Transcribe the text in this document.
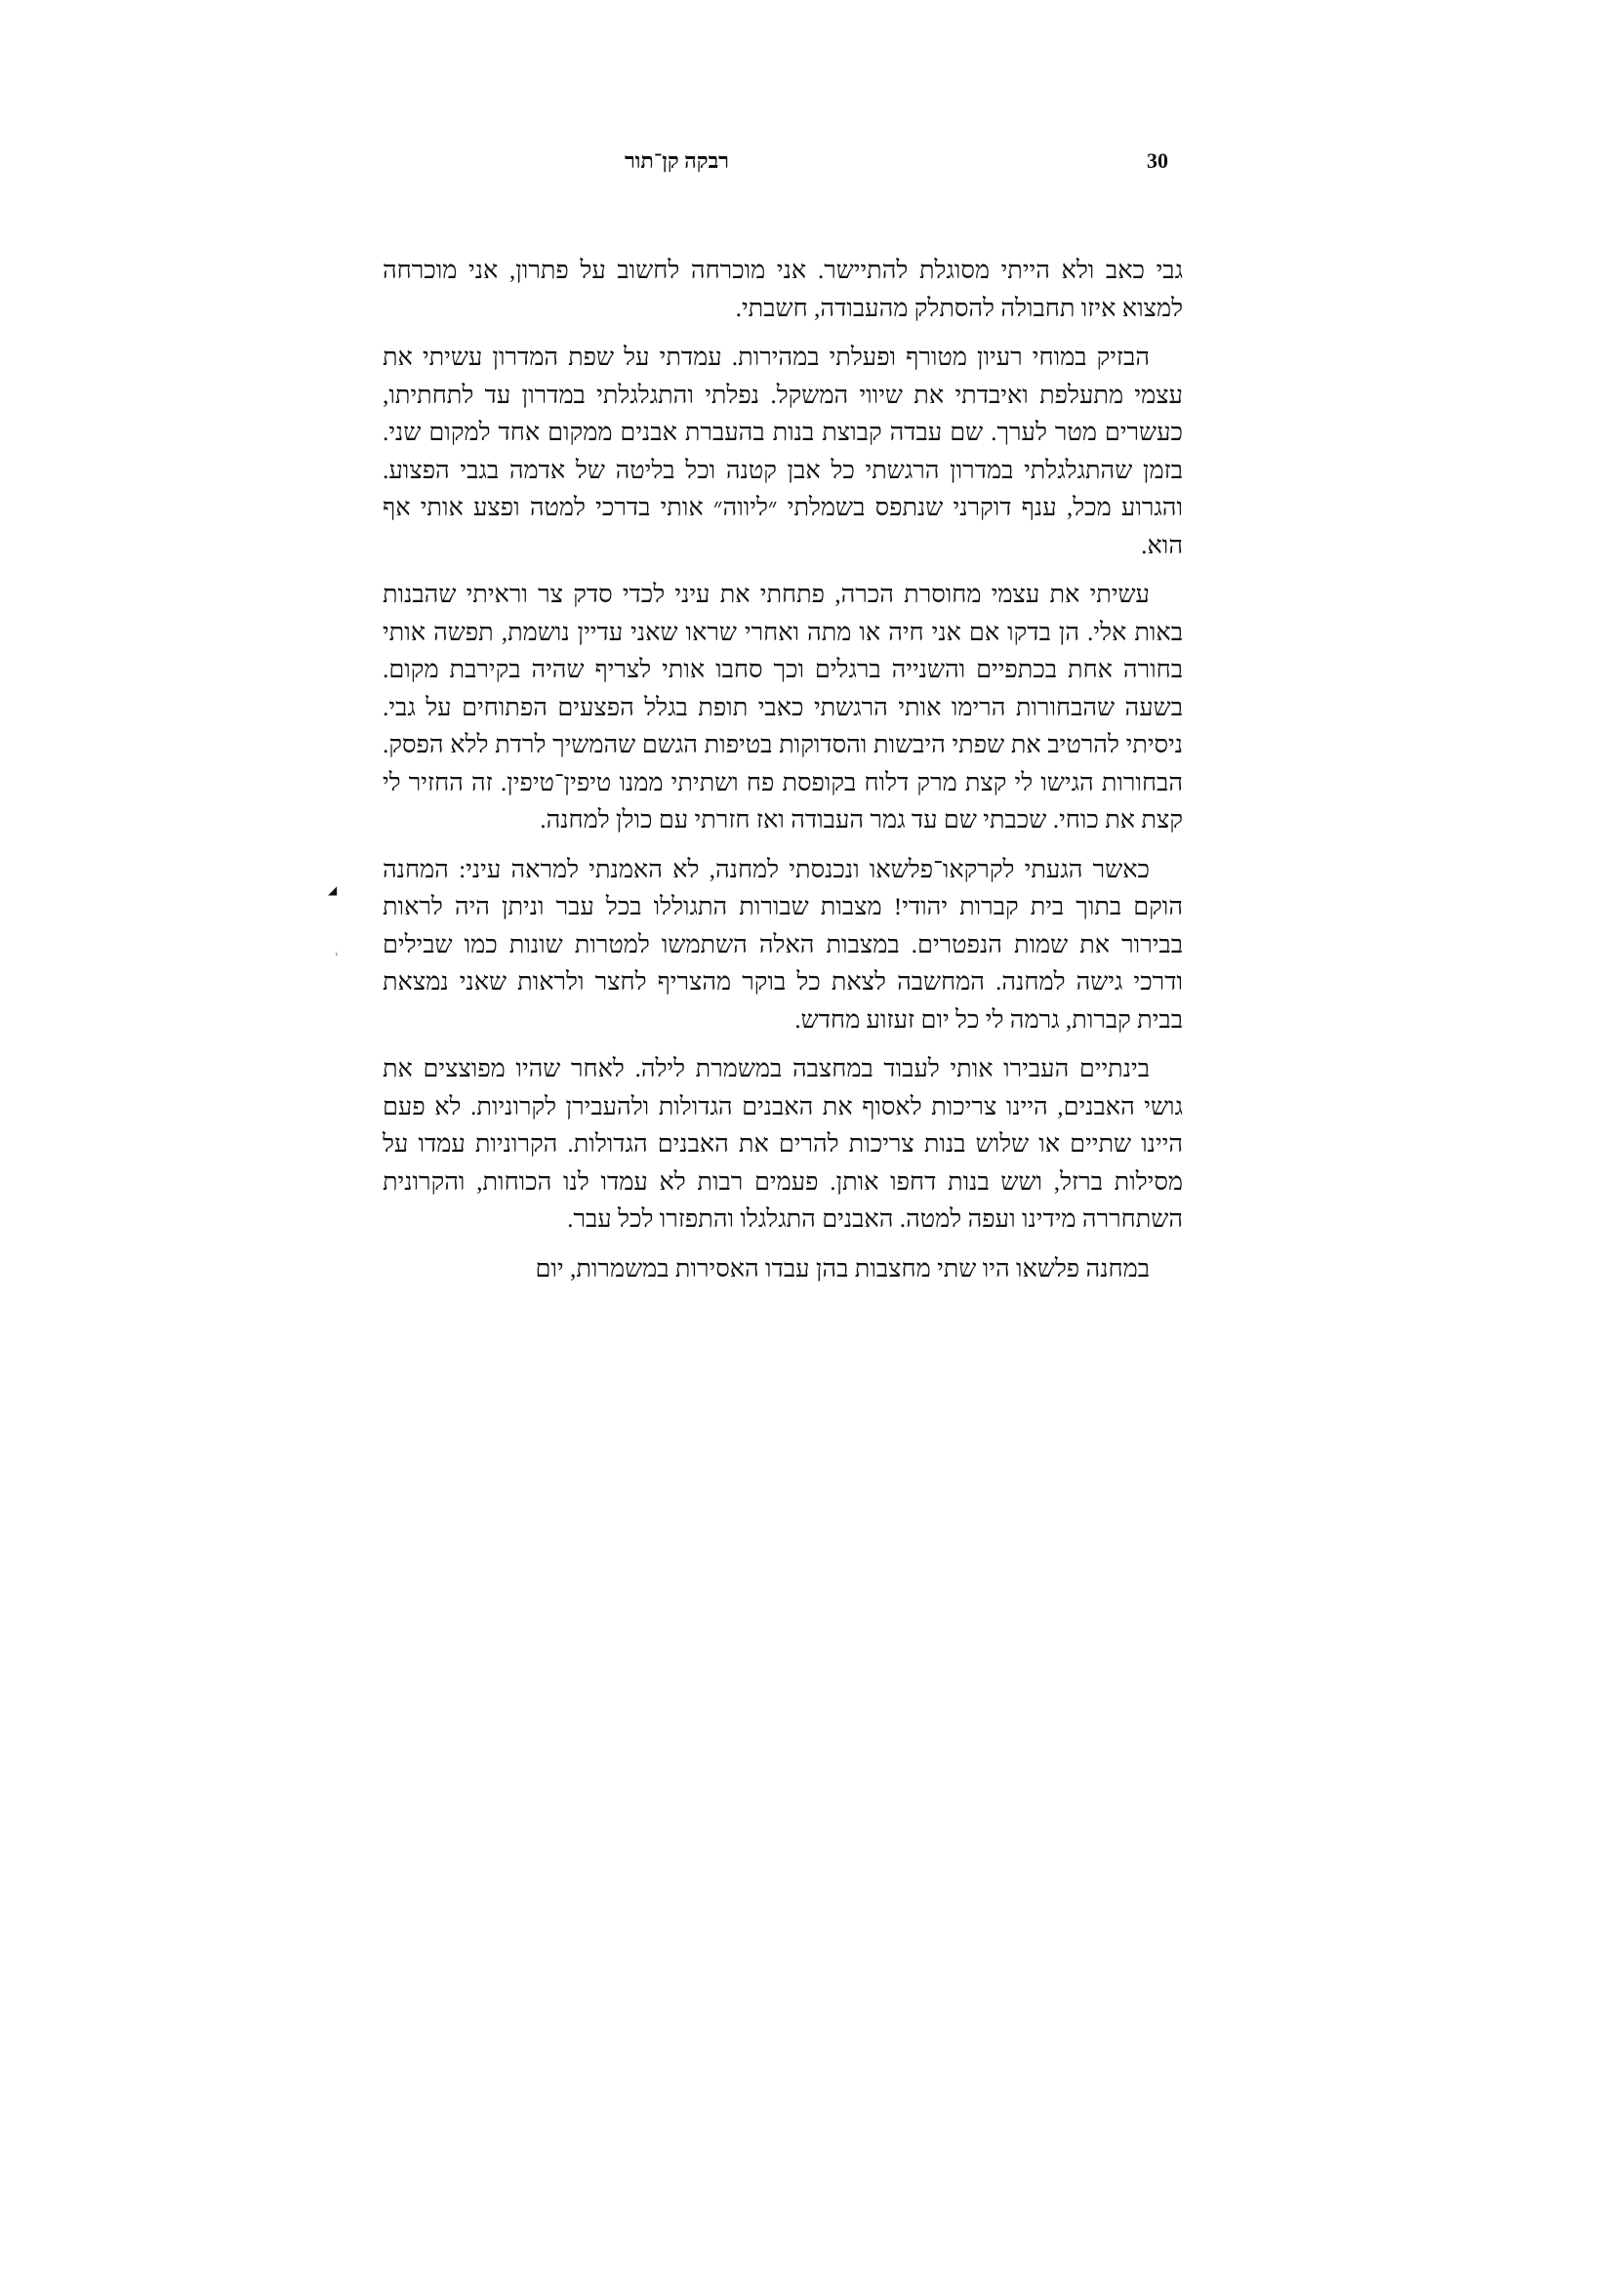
30
רבקה קן־תור

גבי כאב ולא הייתי מסוגלת להתיישר. אני מוכרחה לחשוב על פתרון, אני מוכרחה למצוא איזו תחבולה להסתלק מהעבודה, חשבתי.

הבזיק במוחי רעיון מטורף ופעלתי במהירות. עמדתי על שפת המדרון עשיתי את עצמי מתעלפת ואיבדתי את שיווי המשקל. נפלתי והתגלגלתי במדרון עד לתחתיתו, כעשרים מטר לערך. שם עבדה קבוצת בנות בהעברת אבנים ממקום אחד למקום שני. בזמן שהתגלגלתי במדרון הרגשתי כל אבן קטנה וכל בליטה של אדמה בגבי הפצוע. והגרוע מכל, ענף דוקרני שנתפס בשמלתי ״ליווה״ אותי בדרכי למטה ופצע אותי אף הוא.

עשיתי את עצמי מחוסרת הכרה, פתחתי את עיני לכדי סדק צר וראיתי שהבנות באות אלי. הן בדקו אם אני חיה או מתה ואחרי שראו שאני עדיין נושמת, תפשה אותי בחורה אחת בכתפיים והשנייה ברגלים וכך סחבו אותי לצריף שהיה בקירבת מקום. בשעה שהבחורות הרימו אותי הרגשתי כאבי תופת בגלל הפצעים הפתוחים על גבי. ניסיתי להרטיב את שפתי היבשות והסדוקות בטיפות הגשם שהמשיך לרדת ללא הפסק. הבחורות הגישו לי קצת מרק דלוח בקופסת פח ושתיתי ממנו טיפין־טיפין. זה החזיר לי קצת את כוחי. שכבתי שם עד גמר העבודה ואז חזרתי עם כולן למחנה.

כאשר הגעתי לקרקאו־פלשאו ונכנסתי למחנה, לא האמנתי למראה עיני: המחנה הוקם בתוך בית קברות יהודי! מצבות שבורות התגוללו בכל עבר וניתן היה לראות בבירור את שמות הנפטרים. במצבות האלה השתמשו למטרות שונות כמו שבילים ודרכי גישה למחנה. המחשבה לצאת כל בוקר מהצריף לחצר ולראות שאני נמצאת בבית קברות, גרמה לי כל יום זעזוע מחדש.

בינתיים העבירו אותי לעבוד במחצבה במשמרת לילה. לאחר שהיו מפוצצים את גושי האבנים, היינו צריכות לאסוף את האבנים הגדולות ולהעבירן לקרוניות. לא פעם היינו שתיים או שלוש בנות צריכות להרים את האבנים הגדולות. הקרוניות עמדו על מסילות ברזל, ושש בנות דחפו אותן. פעמים רבות לא עמדו לנו הכוחות, והקרונית השתחררה מידינו ועפה למטה. האבנים התגלגלו והתפזרו לכל עבר.

במחנה פלשאו היו שתי מחצבות בהן עבדו האסירות במשמרות, יום

◢
ⁱ
